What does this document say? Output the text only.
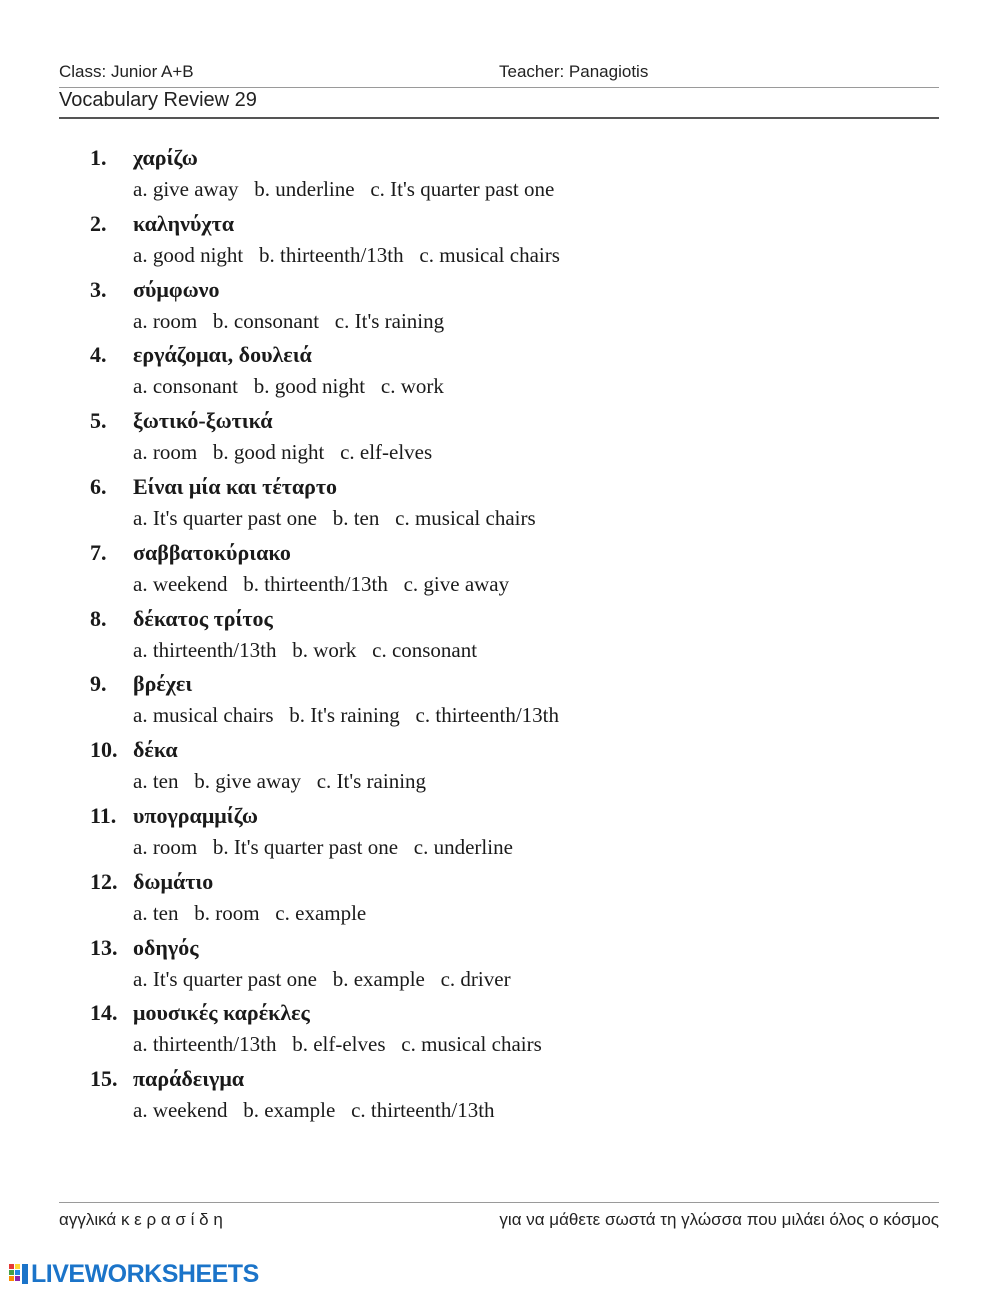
Class: Junior A+B	Teacher: Panagiotis
Vocabulary Review 29
1. χαρίζω
a. give away   b. underline   c. It's quarter past one
2. καληνύχτα
a. good night   b. thirteenth/13th   c. musical chairs
3. σύμφωνο
a. room   b. consonant   c. It's raining
4. εργάζομαι, δουλειά
a. consonant   b. good night   c. work
5. ξωτικό-ξωτικά
a. room   b. good night   c. elf-elves
6. Είναι μία και τέταρτο
a. It's quarter past one   b. ten   c. musical chairs
7. σαββατοκύριακο
a. weekend   b. thirteenth/13th   c. give away
8. δέκατος τρίτος
a. thirteenth/13th   b. work   c. consonant
9. βρέχει
a. musical chairs   b. It's raining   c. thirteenth/13th
10. δέκα
a. ten   b. give away   c. It's raining
11. υπογραμμίζω
a. room   b. It's quarter past one   c. underline
12. δωμάτιο
a. ten   b. room   c. example
13. οδηγός
a. It's quarter past one   b. example   c. driver
14. μουσικές καρέκλες
a. thirteenth/13th   b. elf-elves   c. musical chairs
15. παράδειγμα
a. weekend   b. example   c. thirteenth/13th
αγγλικά κ ε ρ α σ ί δ η	για να μάθετε σωστά τη γλώσσα που μιλάει όλος ο κόσμος
LIVEWORKSHEETS
